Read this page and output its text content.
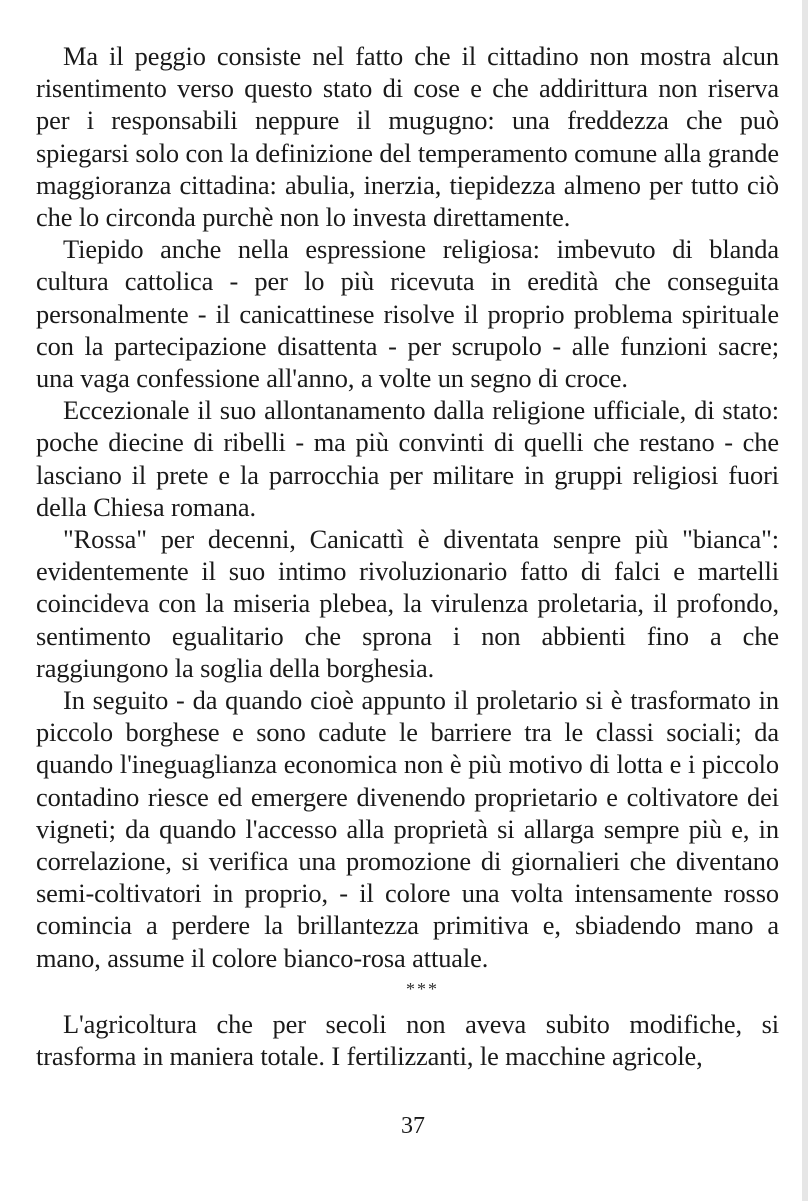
Ma il peggio consiste nel fatto che il cittadino non mostra alcun risentimento verso questo stato di cose e che addirittura non riserva per i responsabili neppure il mugugno: una freddezza che può spiegarsi solo con la definizione del temperamento comune alla grande maggioranza cittadina: abulia, inerzia, tiepidezza almeno per tutto ciò che lo circonda purchè non lo investa direttamente.

Tiepido anche nella espressione religiosa: imbevuto di blanda cultura cattolica - per lo più ricevuta in eredità che conseguita personalmente - il canicattinese risolve il proprio problema spirituale con la partecipazione disattenta - per scrupolo - alle funzioni sacre; una vaga confessione all'anno, a volte un segno di croce.

Eccezionale il suo allontanamento dalla religione ufficiale, di stato: poche diecine di ribelli - ma più convinti di quelli che restano - che lasciano il prete e la parrocchia per militare in gruppi religiosi fuori della Chiesa romana.

"Rossa" per decenni, Canicattì è diventata senpre più "bianca": evidentemente il suo intimo rivoluzionario fatto di falci e martelli coincideva con la miseria plebea, la virulenza proletaria, il profondo, sentimento egualitario che sprona i non abbienti fino a che raggiungono la soglia della borghesia.

In seguito - da quando cioè appunto il proletario si è trasformato in piccolo borghese e sono cadute le barriere tra le classi sociali; da quando l'ineguaglianza economica non è più motivo di lotta e i piccolo contadino riesce ed emergere divenendo proprietario e coltivatore dei vigneti; da quando l'accesso alla proprietà si allarga sempre più e, in correlazione, si verifica una promozione di giornalieri che diventano semi-coltivatori in proprio, - il colore una volta intensamente rosso comincia a perdere la brillantezza primitiva e, sbiadendo mano a mano, assume il colore bianco-rosa attuale.

***

L'agricoltura che per secoli non aveva subito modifiche, si trasforma in maniera totale. I fertilizzanti, le macchine agricole,

37
